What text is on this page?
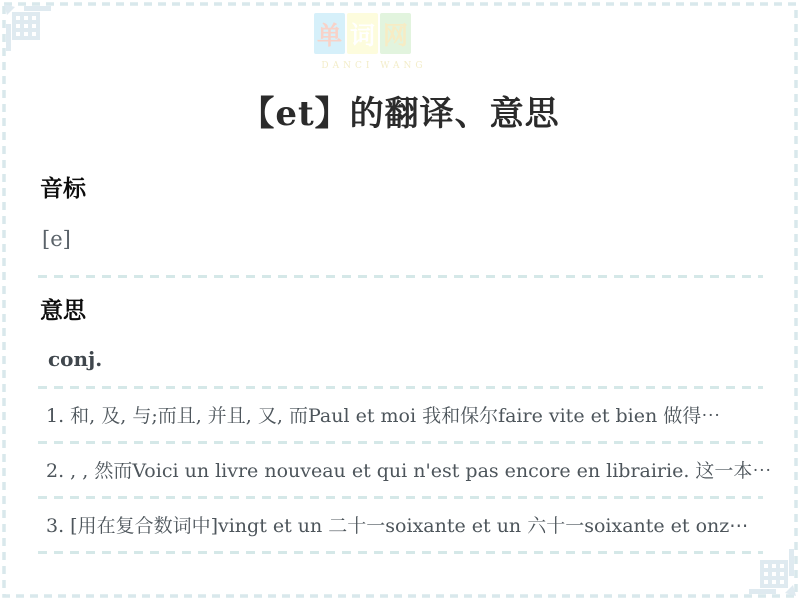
单 词 网
DANCI WANG
【et】的翻译、意思
音标
[e]
意思
conj.
1. 和, 及, 与;而且, 并且, 又, 而Paul et moi 我和保尔faire vite et bien 做得⋯
2. , , 然而Voici un livre nouveau et qui n'est pas encore en librairie. 这一本⋯
3. [用在复合数词中]vingt et un 二十一soixante et un 六十一soixante et onz⋯
